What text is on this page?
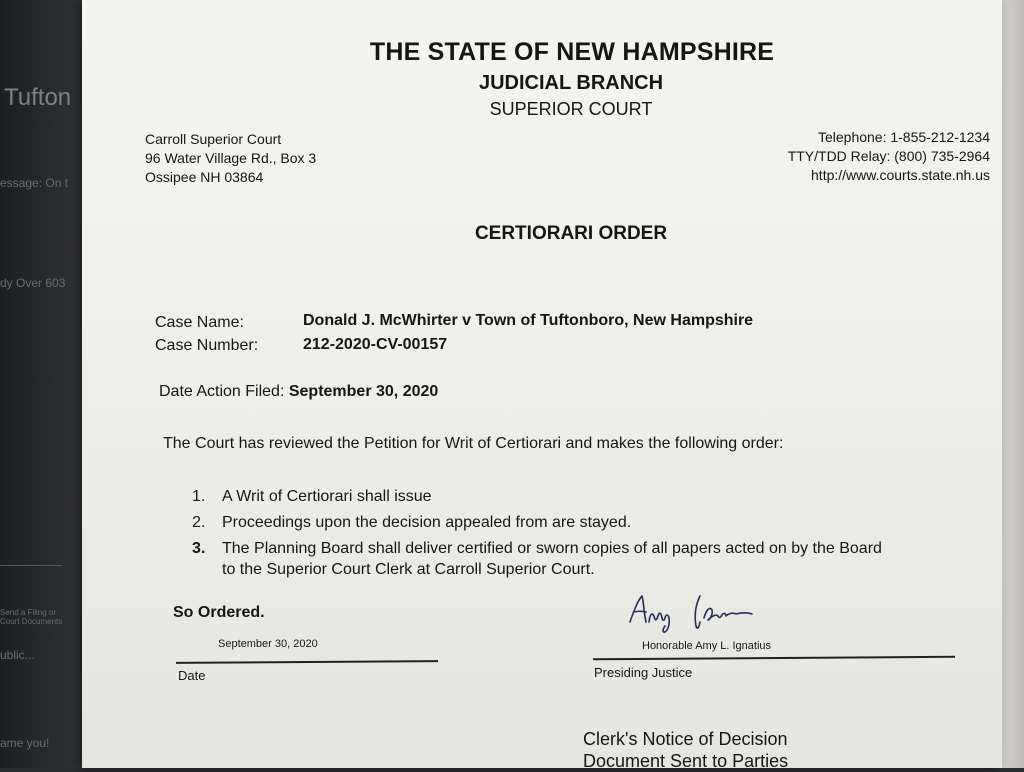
Tufton
essage: On t
dy Over 603
Send a Filing or
Court Documents
ublic...
ame you!
THE STATE OF NEW HAMPSHIRE
JUDICIAL BRANCH
SUPERIOR COURT
Carroll Superior Court
96 Water Village Rd., Box 3
Ossipee NH 03864
Telephone: 1-855-212-1234
TTY/TDD Relay: (800) 735-2964
http://www.courts.state.nh.us
CERTIORARI ORDER
Case Name:	Donald J. McWhirter v Town of Tuftonboro, New Hampshire
Case Number:	212-2020-CV-00157
Date Action Filed: September 30, 2020
The Court has reviewed the Petition for Writ of Certiorari and makes the following order:
1. A Writ of Certiorari shall issue
2. Proceedings upon the decision appealed from are stayed.
3. The Planning Board shall deliver certified or sworn copies of all papers acted on by the Board
to the Superior Court Clerk at Carroll Superior Court.
So Ordered.
September 30, 2020
Date
Honorable Amy L. Ignatius
Presiding Justice
Clerk's Notice of Decision
Document Sent to Parties
